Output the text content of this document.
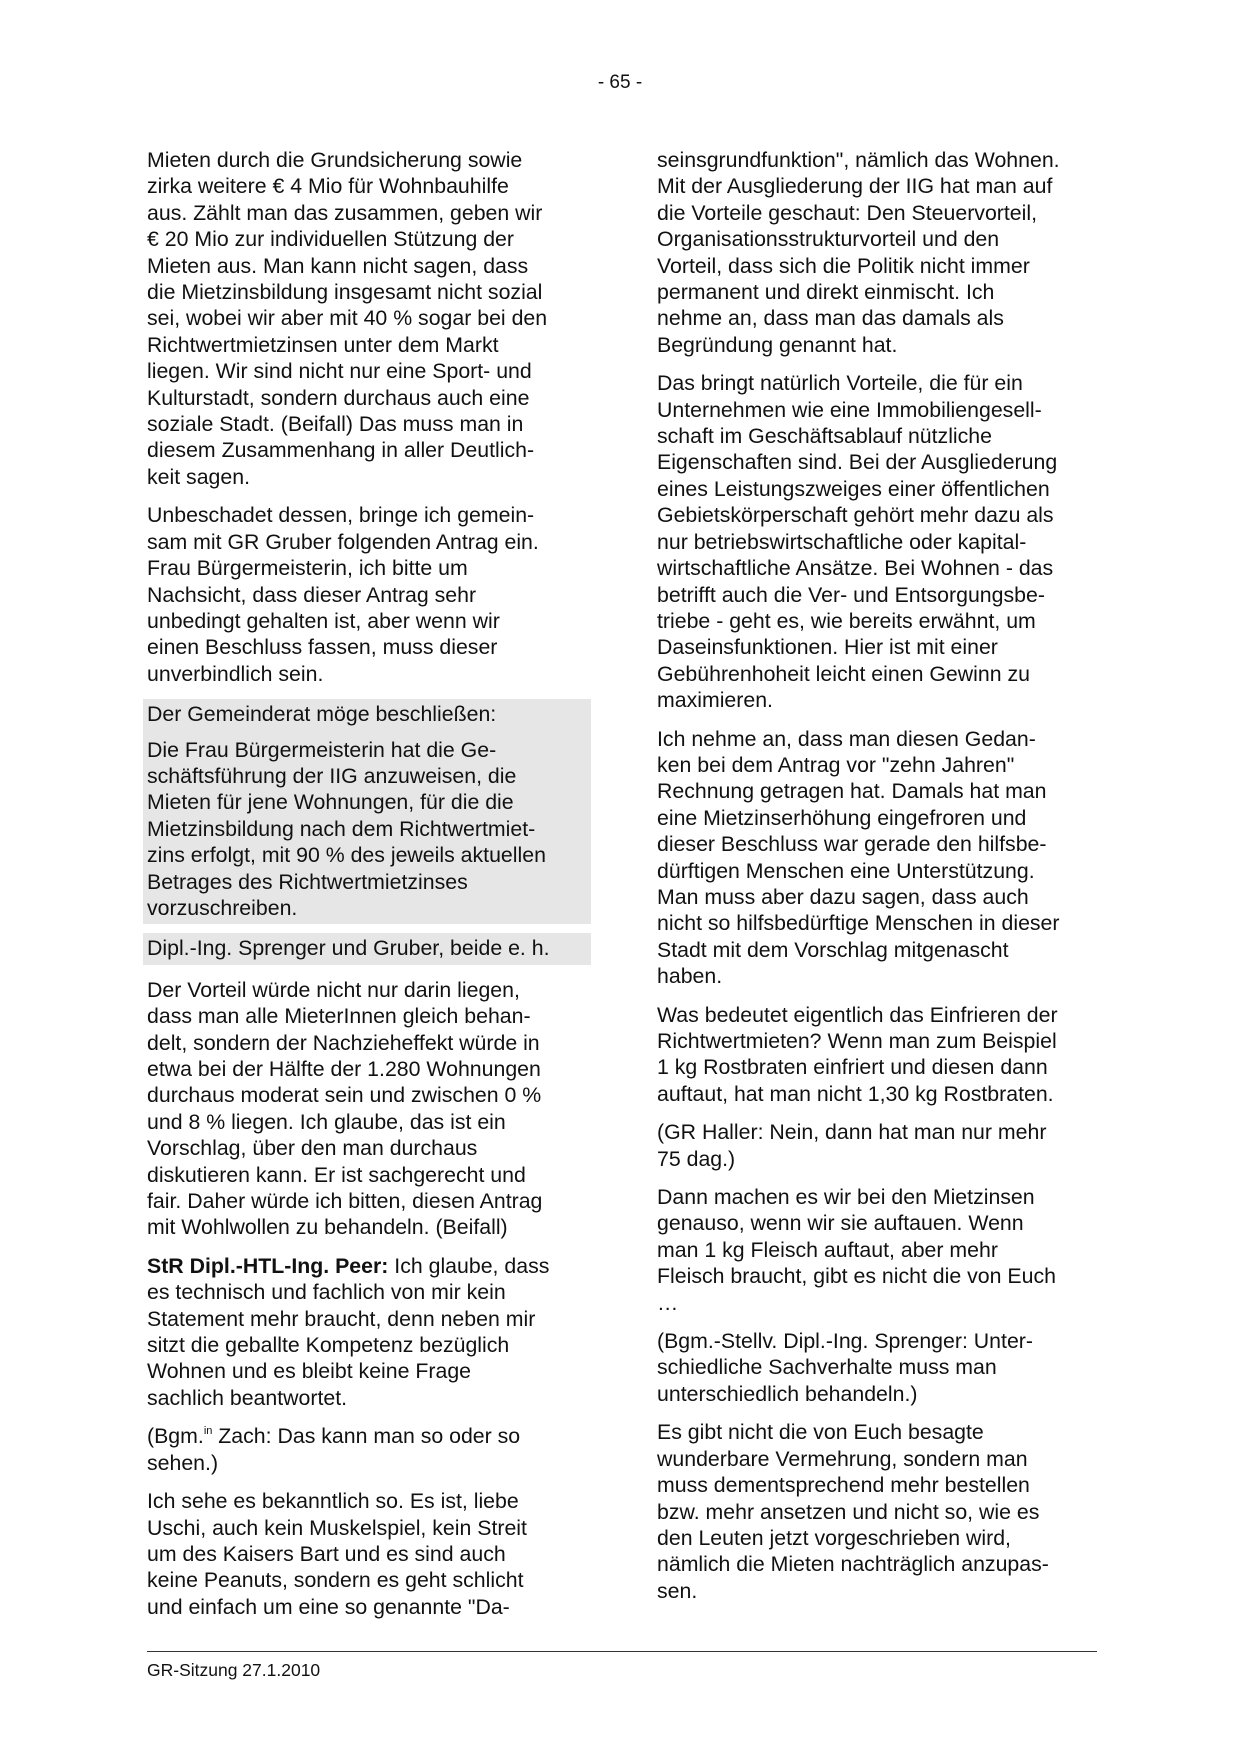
- 65 -

Mieten durch die Grundsicherung sowie
zirka weitere € 4 Mio für Wohnbauhilfe
aus. Zählt man das zusammen, geben wir
€ 20 Mio zur individuellen Stützung der
Mieten aus. Man kann nicht sagen, dass
die Mietzinsbildung insgesamt nicht sozial
sei, wobei wir aber mit 40 % sogar bei den
Richtwertmietzinsen unter dem Markt
liegen. Wir sind nicht nur eine Sport- und
Kulturstadt, sondern durchaus auch eine
soziale Stadt. (Beifall) Das muss man in
diesem Zusammenhang in aller Deutlich-
keit sagen.

Unbeschadet dessen, bringe ich gemein-
sam mit GR Gruber folgenden Antrag ein.
Frau Bürgermeisterin, ich bitte um
Nachsicht, dass dieser Antrag sehr
unbedingt gehalten ist, aber wenn wir
einen Beschluss fassen, muss dieser
unverbindlich sein.

Der Gemeinderat möge beschließen:

Die Frau Bürgermeisterin hat die Ge-
schäftsführung der IIG anzuweisen, die
Mieten für jene Wohnungen, für die die
Mietzinsbildung nach dem Richtwertmiet-
zins erfolgt, mit 90 % des jeweils aktuellen
Betrages des Richtwertmietzinses
vorzuschreiben.

Dipl.-Ing. Sprenger und Gruber, beide e. h.

Der Vorteil würde nicht nur darin liegen,
dass man alle MieterInnen gleich behan-
delt, sondern der Nachzieheffekt würde in
etwa bei der Hälfte der 1.280 Wohnungen
durchaus moderat sein und zwischen 0 %
und 8 % liegen. Ich glaube, das ist ein
Vorschlag, über den man durchaus
diskutieren kann. Er ist sachgerecht und
fair. Daher würde ich bitten, diesen Antrag
mit Wohlwollen zu behandeln. (Beifall)

StR Dipl.-HTL-Ing. Peer: Ich glaube, dass
es technisch und fachlich von mir kein
Statement mehr braucht, denn neben mir
sitzt die geballte Kompetenz bezüglich
Wohnen und es bleibt keine Frage
sachlich beantwortet.

(Bgm.$^{in}$ Zach: Das kann man so oder so
sehen.)

Ich sehe es bekanntlich so. Es ist, liebe
Uschi, auch kein Muskelspiel, kein Streit
um des Kaisers Bart und es sind auch
keine Peanuts, sondern es geht schlicht
und einfach um eine so genannte "Da-

seinsgrundfunktion", nämlich das Wohnen.
Mit der Ausgliederung der IIG hat man auf
die Vorteile geschaut: Den Steuervorteil,
Organisationsstrukturvorteil und den
Vorteil, dass sich die Politik nicht immer
permanent und direkt einmischt. Ich
nehme an, dass man das damals als
Begründung genannt hat.

Das bringt natürlich Vorteile, die für ein
Unternehmen wie eine Immobiliengesell-
schaft im Geschäftsablauf nützliche
Eigenschaften sind. Bei der Ausgliederung
eines Leistungszweiges einer öffentlichen
Gebietskörperschaft gehört mehr dazu als
nur betriebswirtschaftliche oder kapital-
wirtschaftliche Ansätze. Bei Wohnen - das
betrifft auch die Ver- und Entsorgungsbe-
triebe - geht es, wie bereits erwähnt, um
Daseinsfunktionen. Hier ist mit einer
Gebührenhoheit leicht einen Gewinn zu
maximieren.

Ich nehme an, dass man diesen Gedan-
ken bei dem Antrag vor "zehn Jahren"
Rechnung getragen hat. Damals hat man
eine Mietzinserhöhung eingefroren und
dieser Beschluss war gerade den hilfsbe-
dürftigen Menschen eine Unterstützung.
Man muss aber dazu sagen, dass auch
nicht so hilfsbedürftige Menschen in dieser
Stadt mit dem Vorschlag mitgenascht
haben.

Was bedeutet eigentlich das Einfrieren der
Richtwertmieten? Wenn man zum Beispiel
1 kg Rostbraten einfriert und diesen dann
auftaut, hat man nicht 1,30 kg Rostbraten.

(GR Haller: Nein, dann hat man nur mehr
75 dag.)

Dann machen es wir bei den Mietzinsen
genauso, wenn wir sie auftauen. Wenn
man 1 kg Fleisch auftaut, aber mehr
Fleisch braucht, gibt es nicht die von Euch
…

(Bgm.-Stellv. Dipl.-Ing. Sprenger: Unter-
schiedliche Sachverhalte muss man
unterschiedlich behandeln.)

Es gibt nicht die von Euch besagte
wunderbare Vermehrung, sondern man
muss dementsprechend mehr bestellen
bzw. mehr ansetzen und nicht so, wie es
den Leuten jetzt vorgeschrieben wird,
nämlich die Mieten nachträglich anzupas-
sen.

GR-Sitzung 27.1.2010
